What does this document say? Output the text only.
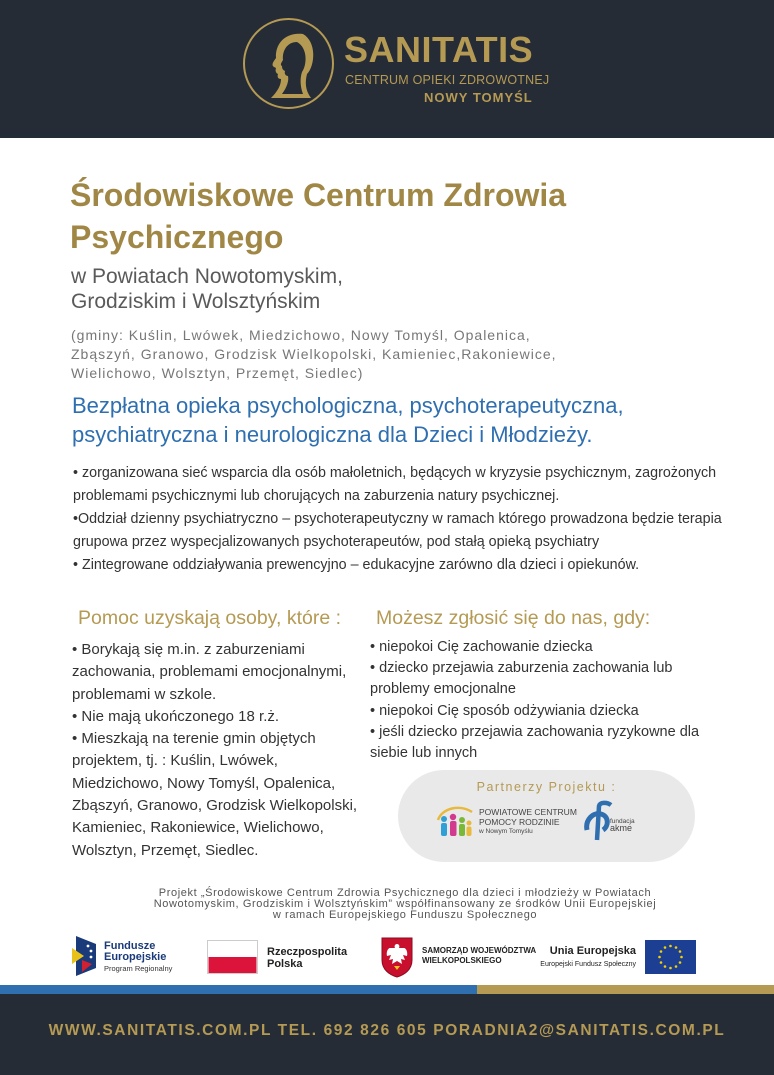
SANITATIS
CENTRUM OPIEKI ZDROWOTNEJ
NOWY TOMYŚL
Środowiskowe Centrum Zdrowia
Psychicznego
w Powiatach Nowotomyskim,
Grodziskim i Wolsztyńskim
(gminy: Kuślin, Lwówek, Miedzichowo, Nowy Tomyśl, Opalenica,
Zbąszyń, Granowo, Grodzisk Wielkopolski, Kamieniec,Rakoniewice,
Wielichowo, Wolsztyn, Przemęt, Siedlec)
Bezpłatna opieka psychologiczna, psychoterapeutyczna,
psychiatryczna i neurologiczna dla Dzieci i Młodzieży.

• zorganizowana sieć wsparcia dla osób małoletnich, będących w kryzysie psychicznym, zagrożonych problemami psychicznymi lub chorujących na zaburzenia natury psychicznej.

•Oddział dzienny psychiatryczno – psychoterapeutyczny w ramach którego prowadzona będzie terapia grupowa przez wyspecjalizowanych psychoterapeutów, pod stałą opieką psychiatry

• Zintegrowane oddziaływania prewencyjno – edukacyjne zarówno dla dzieci i opiekunów.

Pomoc uzyskają osoby, które : Możesz zgłosić się do nas, gdy:

• Borykają się m.in. z zaburzeniami zachowania, problemami emocjonalnymi, problemami w szkole.

• Nie mają ukończonego 18 r.ż.

• Mieszkają na terenie gmin objętych projektem, tj. : Kuślin, Lwówek, Miedzichowo, Nowy Tomyśl, Opalenica, Zbąszyń, Granowo, Grodzisk Wielkopolski, Kamieniec, Rakoniewice, Wielichowo, Wolsztyn, Przemęt, Siedlec.

• niepokoi Cię zachowanie dziecka

• dziecko przejawia zaburzenia zachowania lub problemy emocjonalne

• niepokoi Cię sposób odżywiania dziecka

• jeśli dziecko przejawia zachowania ryzykowne dla siebie lub innych

Partnerzy Projektu :
POWIATOWE CENTRUM
POMOCY RODZINIE
w Nowym Tomyślu
fundacja
akme
Projekt „Środowiskowe Centrum Zdrowia Psychicznego dla dzieci i młodzieży w Powiatach
Nowotomyskim, Grodziskim i Wolsztyńskim” współfinansowany ze środków Unii Europejskiej
w ramach Europejskiego Funduszu Społecznego
Fundusze
Europejskie
Program Regionalny
Rzeczpospolita
Polska
SAMORZĄD WOJEWÓDZTWA
WIELKOPOLSKIEGO
Unia Europejska
Europejski Fundusz Społeczny
WWW.SANITATIS.COM.PL TEL. 692 826 605 PORADNIA2@SANITATIS.COM.PL
